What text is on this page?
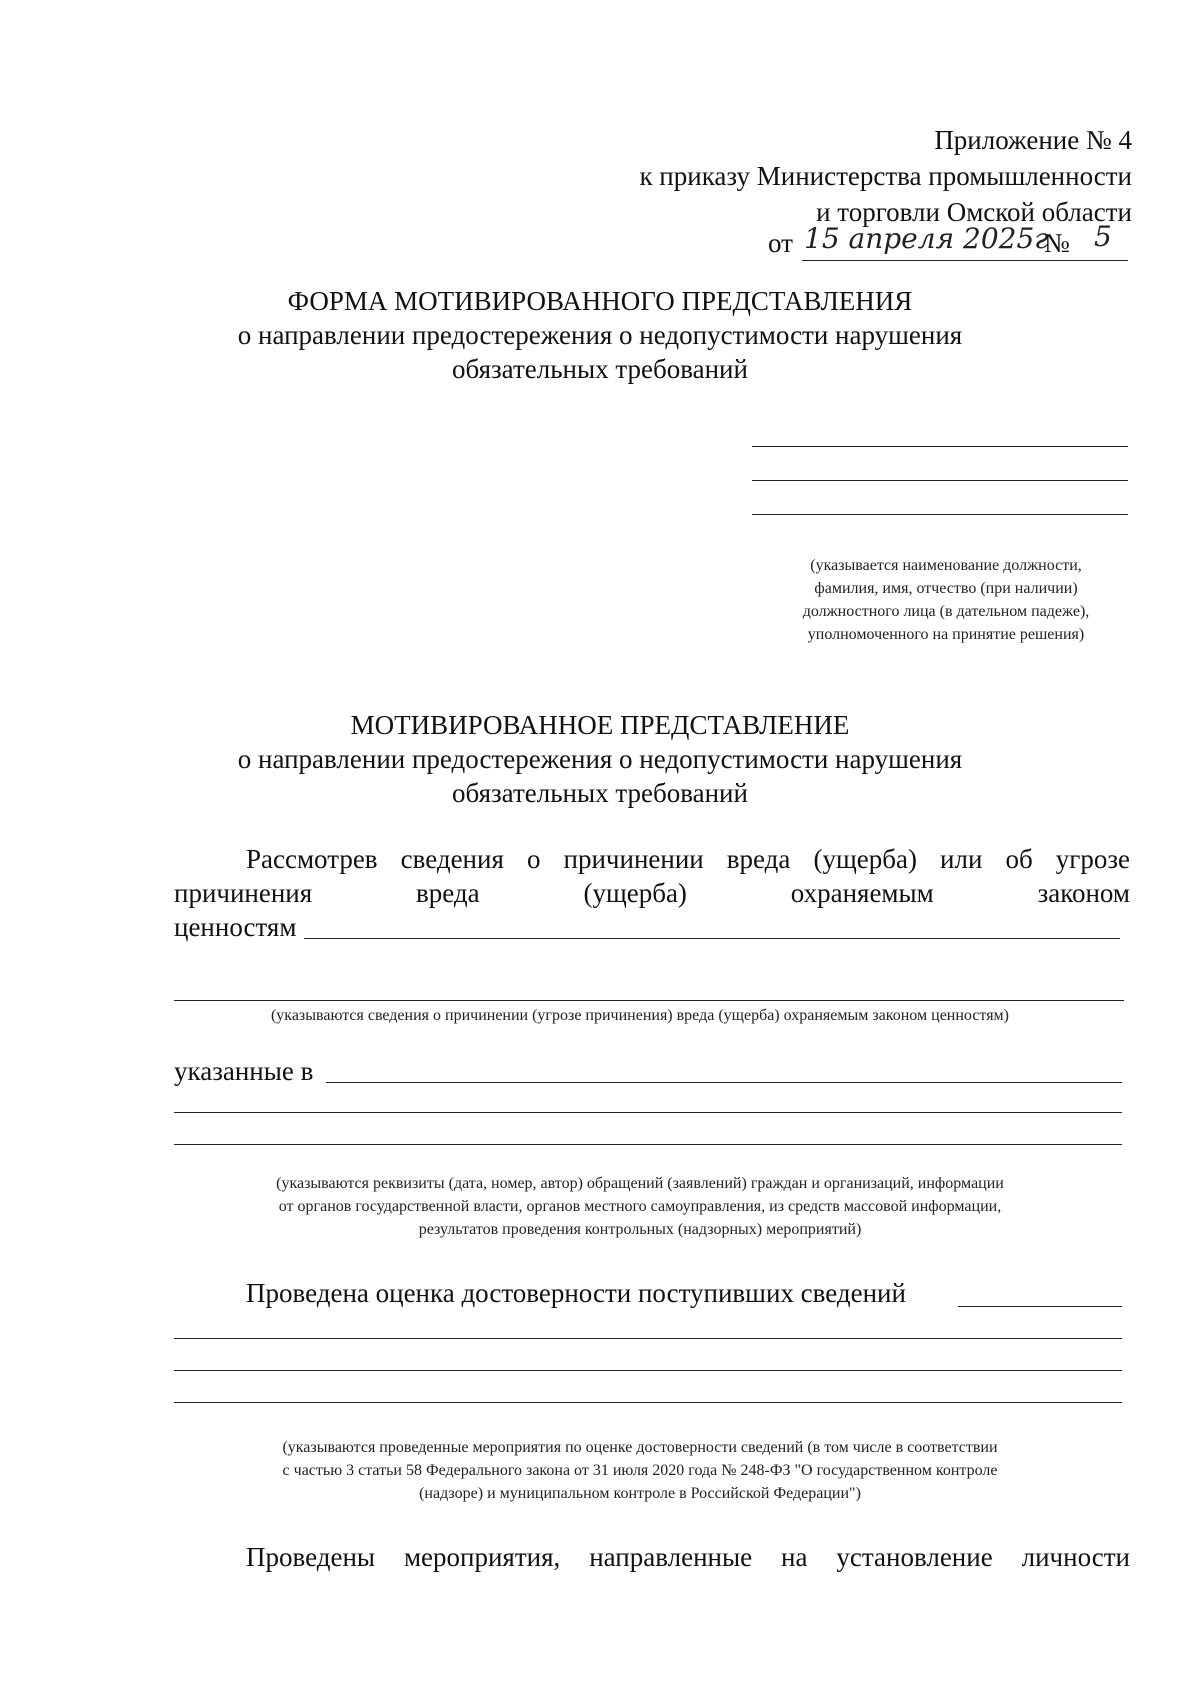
Приложение № 4
к приказу Министерства промышленности
и торговли Омской области
от 15 апреля 2025г
№ 5
ФОРМА МОТИВИРОВАННОГО ПРЕДСТАВЛЕНИЯ
о направлении предостережения о недопустимости нарушения
обязательных требований
(указывается наименование должности,
фамилия, имя, отчество (при наличии)
должностного лица (в дательном падеже),
уполномоченного на принятие решения)
МОТИВИРОВАННОЕ ПРЕДСТАВЛЕНИЕ
о направлении предостережения о недопустимости нарушения
обязательных требований
Рассмотрев сведения о причинении вреда (ущерба) или об угрозе
причинения вреда (ущерба) охраняемым законом
ценностям
(указываются сведения о причинении (угрозе причинения) вреда (ущерба) охраняемым законом ценностям)
указанные в
(указываются реквизиты (дата, номер, автор) обращений (заявлений) граждан и организаций, информации
от органов государственной власти, органов местного самоуправления, из средств массовой информации,
результатов проведения контрольных (надзорных) мероприятий)
Проведена оценка достоверности поступивших сведений
(указываются проведенные мероприятия по оценке достоверности сведений (в том числе в соответствии
с частью 3 статьи 58 Федерального закона от 31 июля 2020 года № 248-ФЗ "О государственном контроле
(надзоре) и муниципальном контроле в Российской Федерации")
Проведены мероприятия, направленные на установление личности
